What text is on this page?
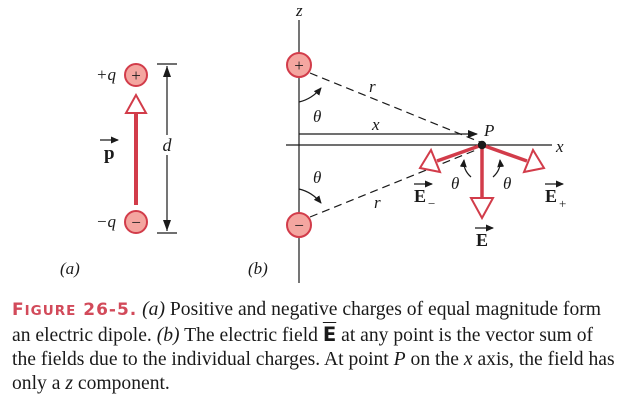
+
−
+q
−q
p	d
(a)
z
x
r
r
x
θ
θ
+
−
θ	θ
P
E −	E +
E
(b)
FIGURE 26-5. (a) Positive and negative charges of equal magnitude form an electric dipole. (b) The electric field $\overline{E}$ at any point is the vector sum of the fields due to the individual charges. At point P on the x axis, the field has only a z component.
